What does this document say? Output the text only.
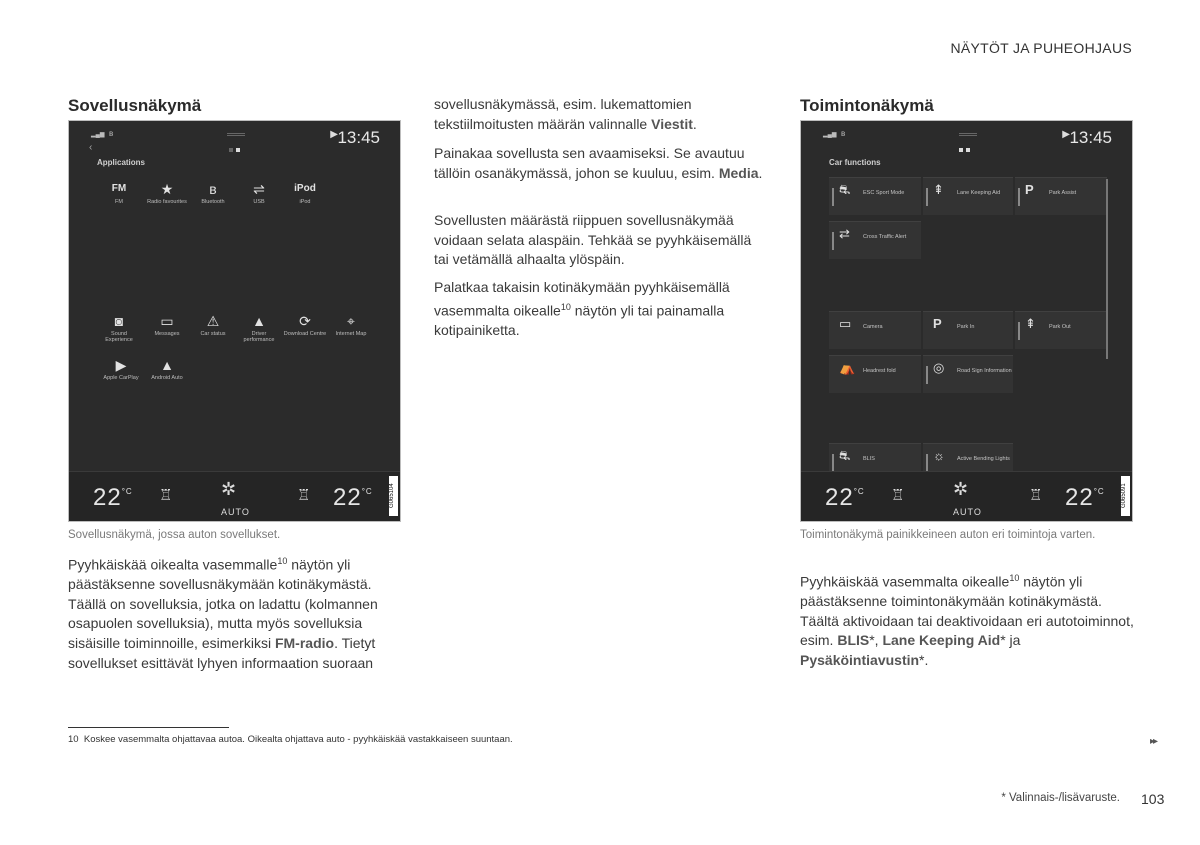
NÄYTÖT JA PUHEOHJAUS
Sovellusnäkymä
▂▄▆ ʙ	▶ 13:45
‹
Applications
FM
FM
★
Radio favourites
ʙ
Bluetooth
⇌
USB
iPod
iPod
◙
Sound Experience
▭
Messages
⚠
Car status
▲
Driver performance
⟳
Download Centre
⌖
Internet Map
▶
Apple CarPlay
▲
Android Auto
$22^{^\circ C}$ ♖	✲
AUTO
♖ $22^{^\circ C}$	G065104
Sovellusnäkymä, jossa auton sovellukset.
Pyyhkäiskää oikealta vasemmalle$^{10}$ näytön yli päästäksenne sovellusnäkymään kotinäkymästä. Täällä on sovelluksia, jotka on ladattu (kolmannen osapuolen sovelluksia), mutta myös sovelluksia sisäisille toiminnoille, esimerkiksi FM-radio. Tietyt sovellukset esittävät lyhyen informaation suoraan
sovellusnäkymässä, esim. lukemattomien tekstiilmoitusten määrän valinnalle Viestit.
Painakaa sovellusta sen avaamiseksi. Se avautuu tällöin osanäkymässä, johon se kuuluu, esim. Media.
Sovellusten määrästä riippuen sovellusnäkymää voidaan selata alaspäin. Tehkää se pyyhkäisemällä tai vetämällä alhaalta ylöspäin.
Palatkaa takaisin kotinäkymään pyyhkäisemällä vasemmalta oikealle$^{10}$ näytön yli tai painamalla kotipainiketta.
Toimintonäkymä
▂▄▆ ʙ	▶ 13:45
Car functions
⛐ ESC Sport Mode	⇞ Lane Keeping Aid	P	Park Assist
⇄ Cross Traffic Alert
▭ Camera	P	Park In	⇞ Park Out
⛺ Headrest fold	◎ Road Sign Information
⛐ BLIS	☼ Active Bending Lights
$22^{^\circ C}$ ♖	✲
AUTO
♖ $22^{^\circ C}$	G065091
Toimintonäkymä painikkeineen auton eri toimintoja varten.
Pyyhkäiskää vasemmalta oikealle$^{10}$ näytön yli päästäksenne toimintonäkymään kotinäkymästä. Täältä aktivoidaan tai deaktivoidaan eri autotoiminnot, esim. BLIS*, Lane Keeping Aid* ja Pysäköintiavustin*.
10 Koskee vasemmalta ohjattavaa autoa. Oikealta ohjattava auto - pyyhkäiskää vastakkaiseen suuntaan.	▸▸
* Valinnais-/lisävaruste. 103
